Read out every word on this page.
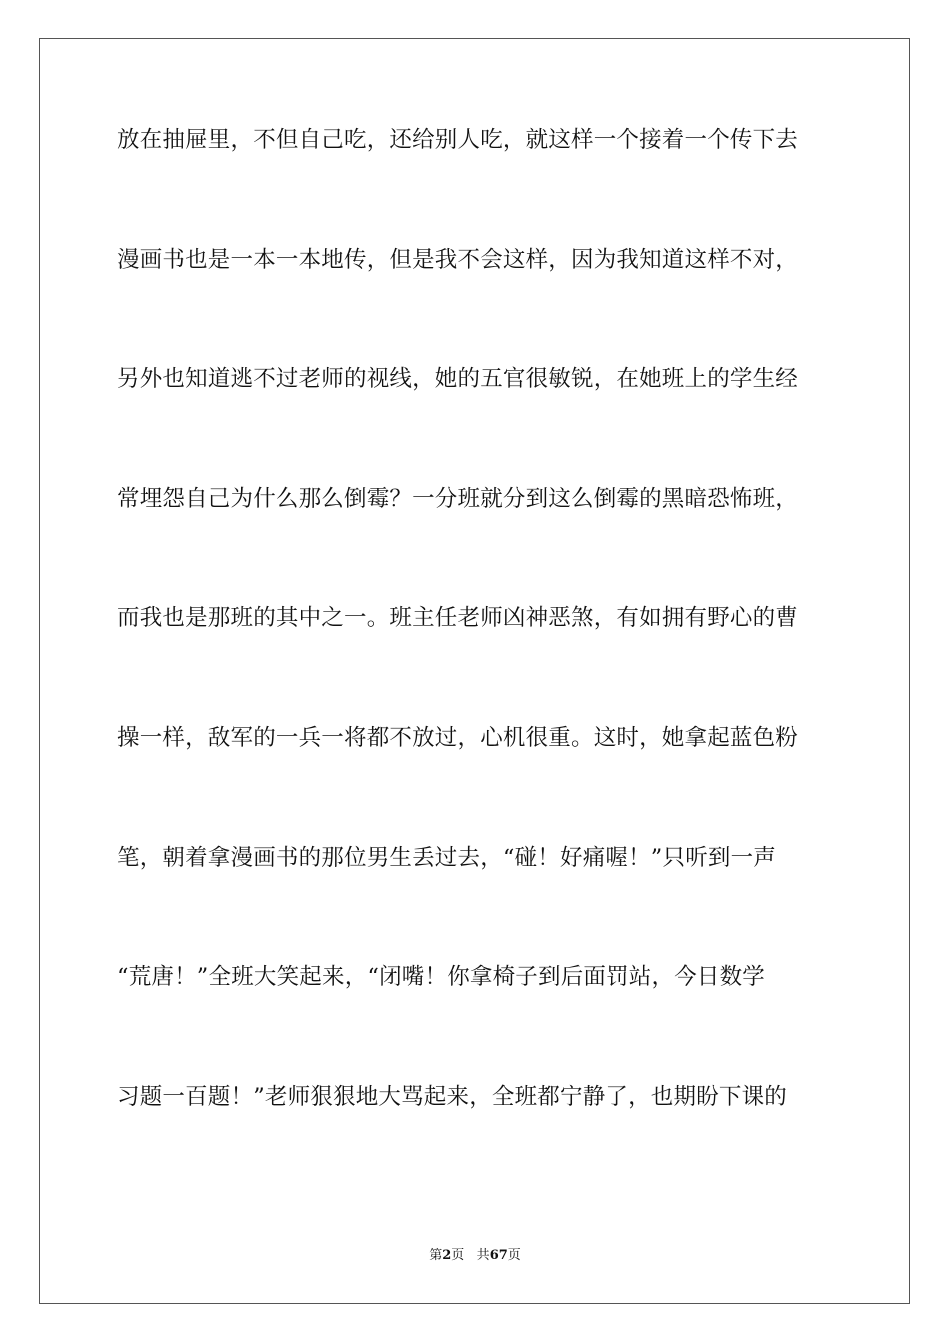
放在抽屉里，不但自己吃，还给别人吃，就这样一个接着一个传下去
漫画书也是一本一本地传，但是我不会这样，因为我知道这样不对，
另外也知道逃不过老师的视线，她的五官很敏锐，在她班上的学生经
常埋怨自己为什么那么倒霉？一分班就分到这么倒霉的黑暗恐怖班，
而我也是那班的其中之一。班主任老师凶神恶煞，有如拥有野心的曹
操一样，敌军的一兵一将都不放过，心机很重。这时，她拿起蓝色粉
笔，朝着拿漫画书的那位男生丢过去，“碰！好痛喔！”只听到一声
“荒唐！”全班大笑起来，“闭嘴！你拿椅子到后面罚站，今日数学
习题一百题！”老师狠狠地大骂起来，全班都宁静了，也期盼下课的
第2页 共67页
